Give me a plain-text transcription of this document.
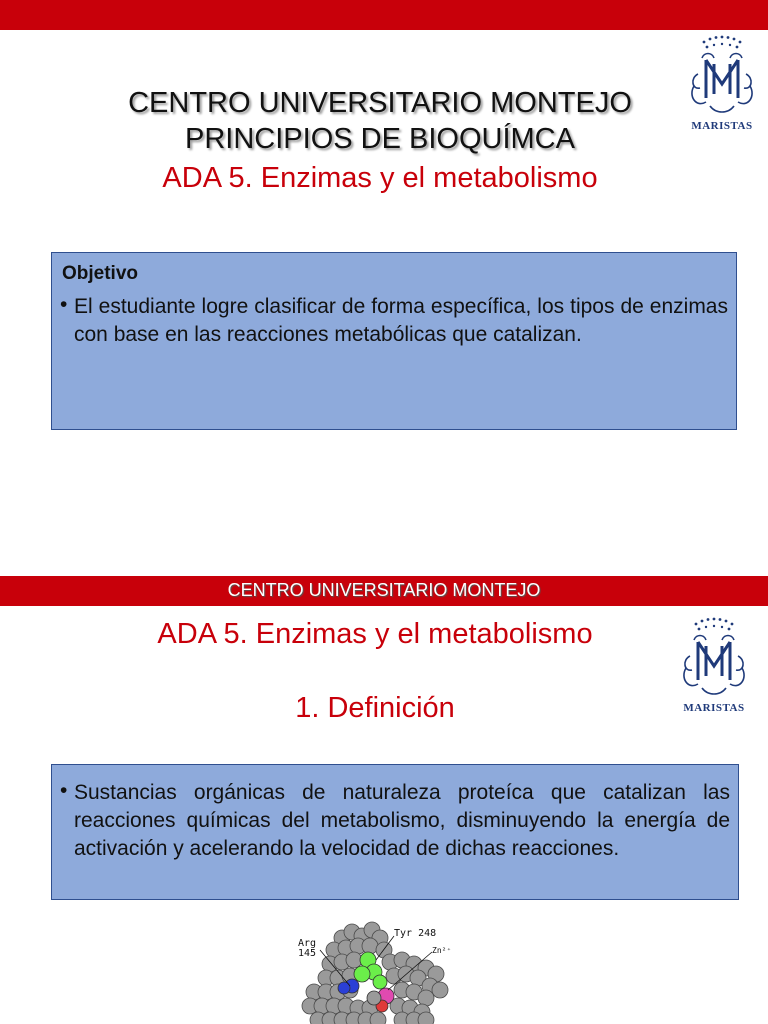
CENTRO UNIVERSITARIO MONTEJO
PRINCIPIOS DE BIOQUÍMCA
ADA 5. Enzimas y el metabolismo
MARISTAS
Objetivo
• El estudiante logre clasificar de forma específica, los tipos de enzimas con base en las reacciones metabólicas que catalizan.
CENTRO UNIVERSITARIO MONTEJO
ADA 5. Enzimas y el metabolismo
1. Definición	MARISTAS
• Sustancias orgánicas de naturaleza proteíca que catalizan las reacciones químicas del metabolismo, disminuyendo la energía de activación y acelerando la velocidad de dichas reacciones.
Arg
145
Tyr 248
Zn²⁺
